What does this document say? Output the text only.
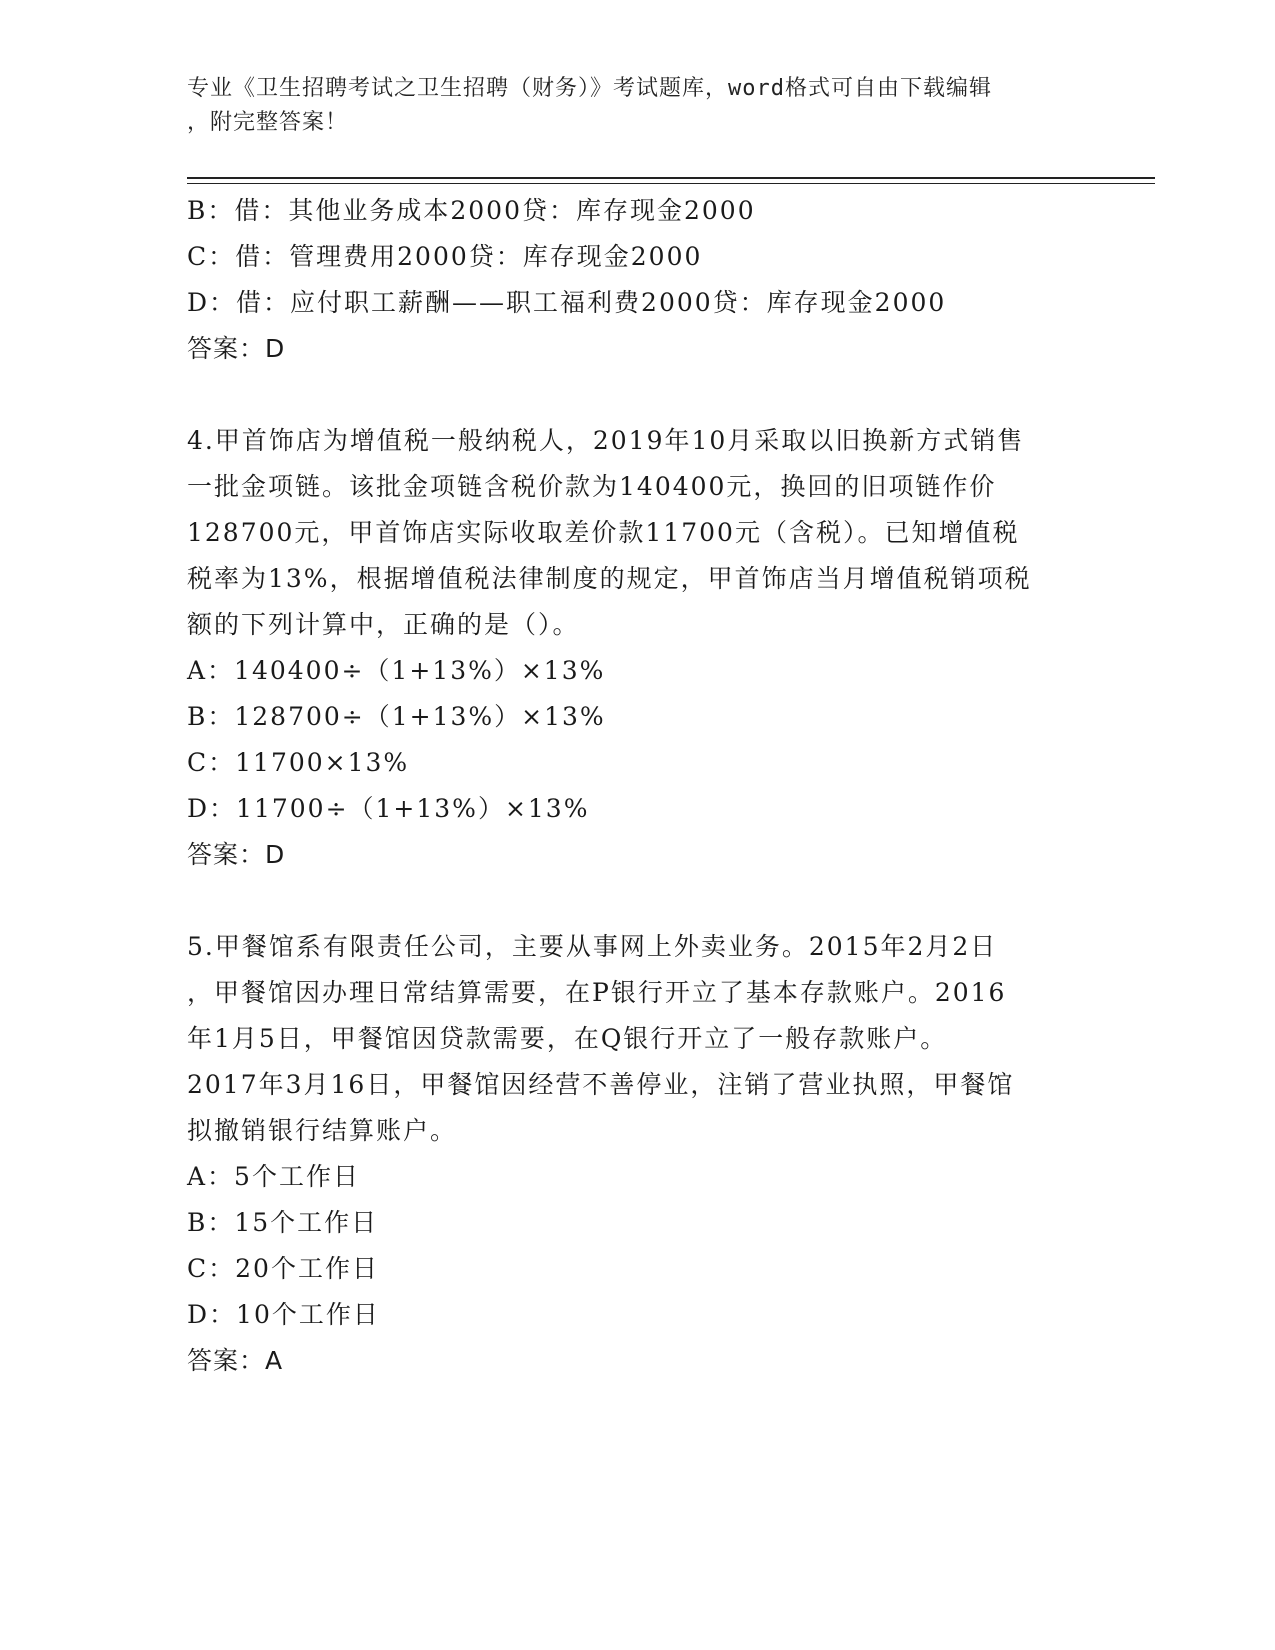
专业《卫生招聘考试之卫生招聘（财务）》考试题库，word格式可自由下载编辑
，附完整答案！
B：借：其他业务成本2000贷：库存现金2000
C：借：管理费用2000贷：库存现金2000
D：借：应付职工薪酬——职工福利费2000贷：库存现金2000
答案：D
4.甲首饰店为增值税一般纳税人，2019年10月采取以旧换新方式销售
一批金项链。该批金项链含税价款为140400元，换回的旧项链作价
128700元，甲首饰店实际收取差价款11700元（含税）。已知增值税
税率为13%，根据增值税法律制度的规定，甲首饰店当月增值税销项税
额的下列计算中，正确的是（）。
A：140400÷（1+13%）×13%
B：128700÷（1+13%）×13%
C：11700×13%
D：11700÷（1+13%）×13%
答案：D
5.甲餐馆系有限责任公司，主要从事网上外卖业务。2015年2月2日
，甲餐馆因办理日常结算需要，在P银行开立了基本存款账户。2016
年1月5日，甲餐馆因贷款需要，在Q银行开立了一般存款账户。
2017年3月16日，甲餐馆因经营不善停业，注销了营业执照，甲餐馆
拟撤销银行结算账户。
A：5个工作日
B：15个工作日
C：20个工作日
D：10个工作日
答案：A
